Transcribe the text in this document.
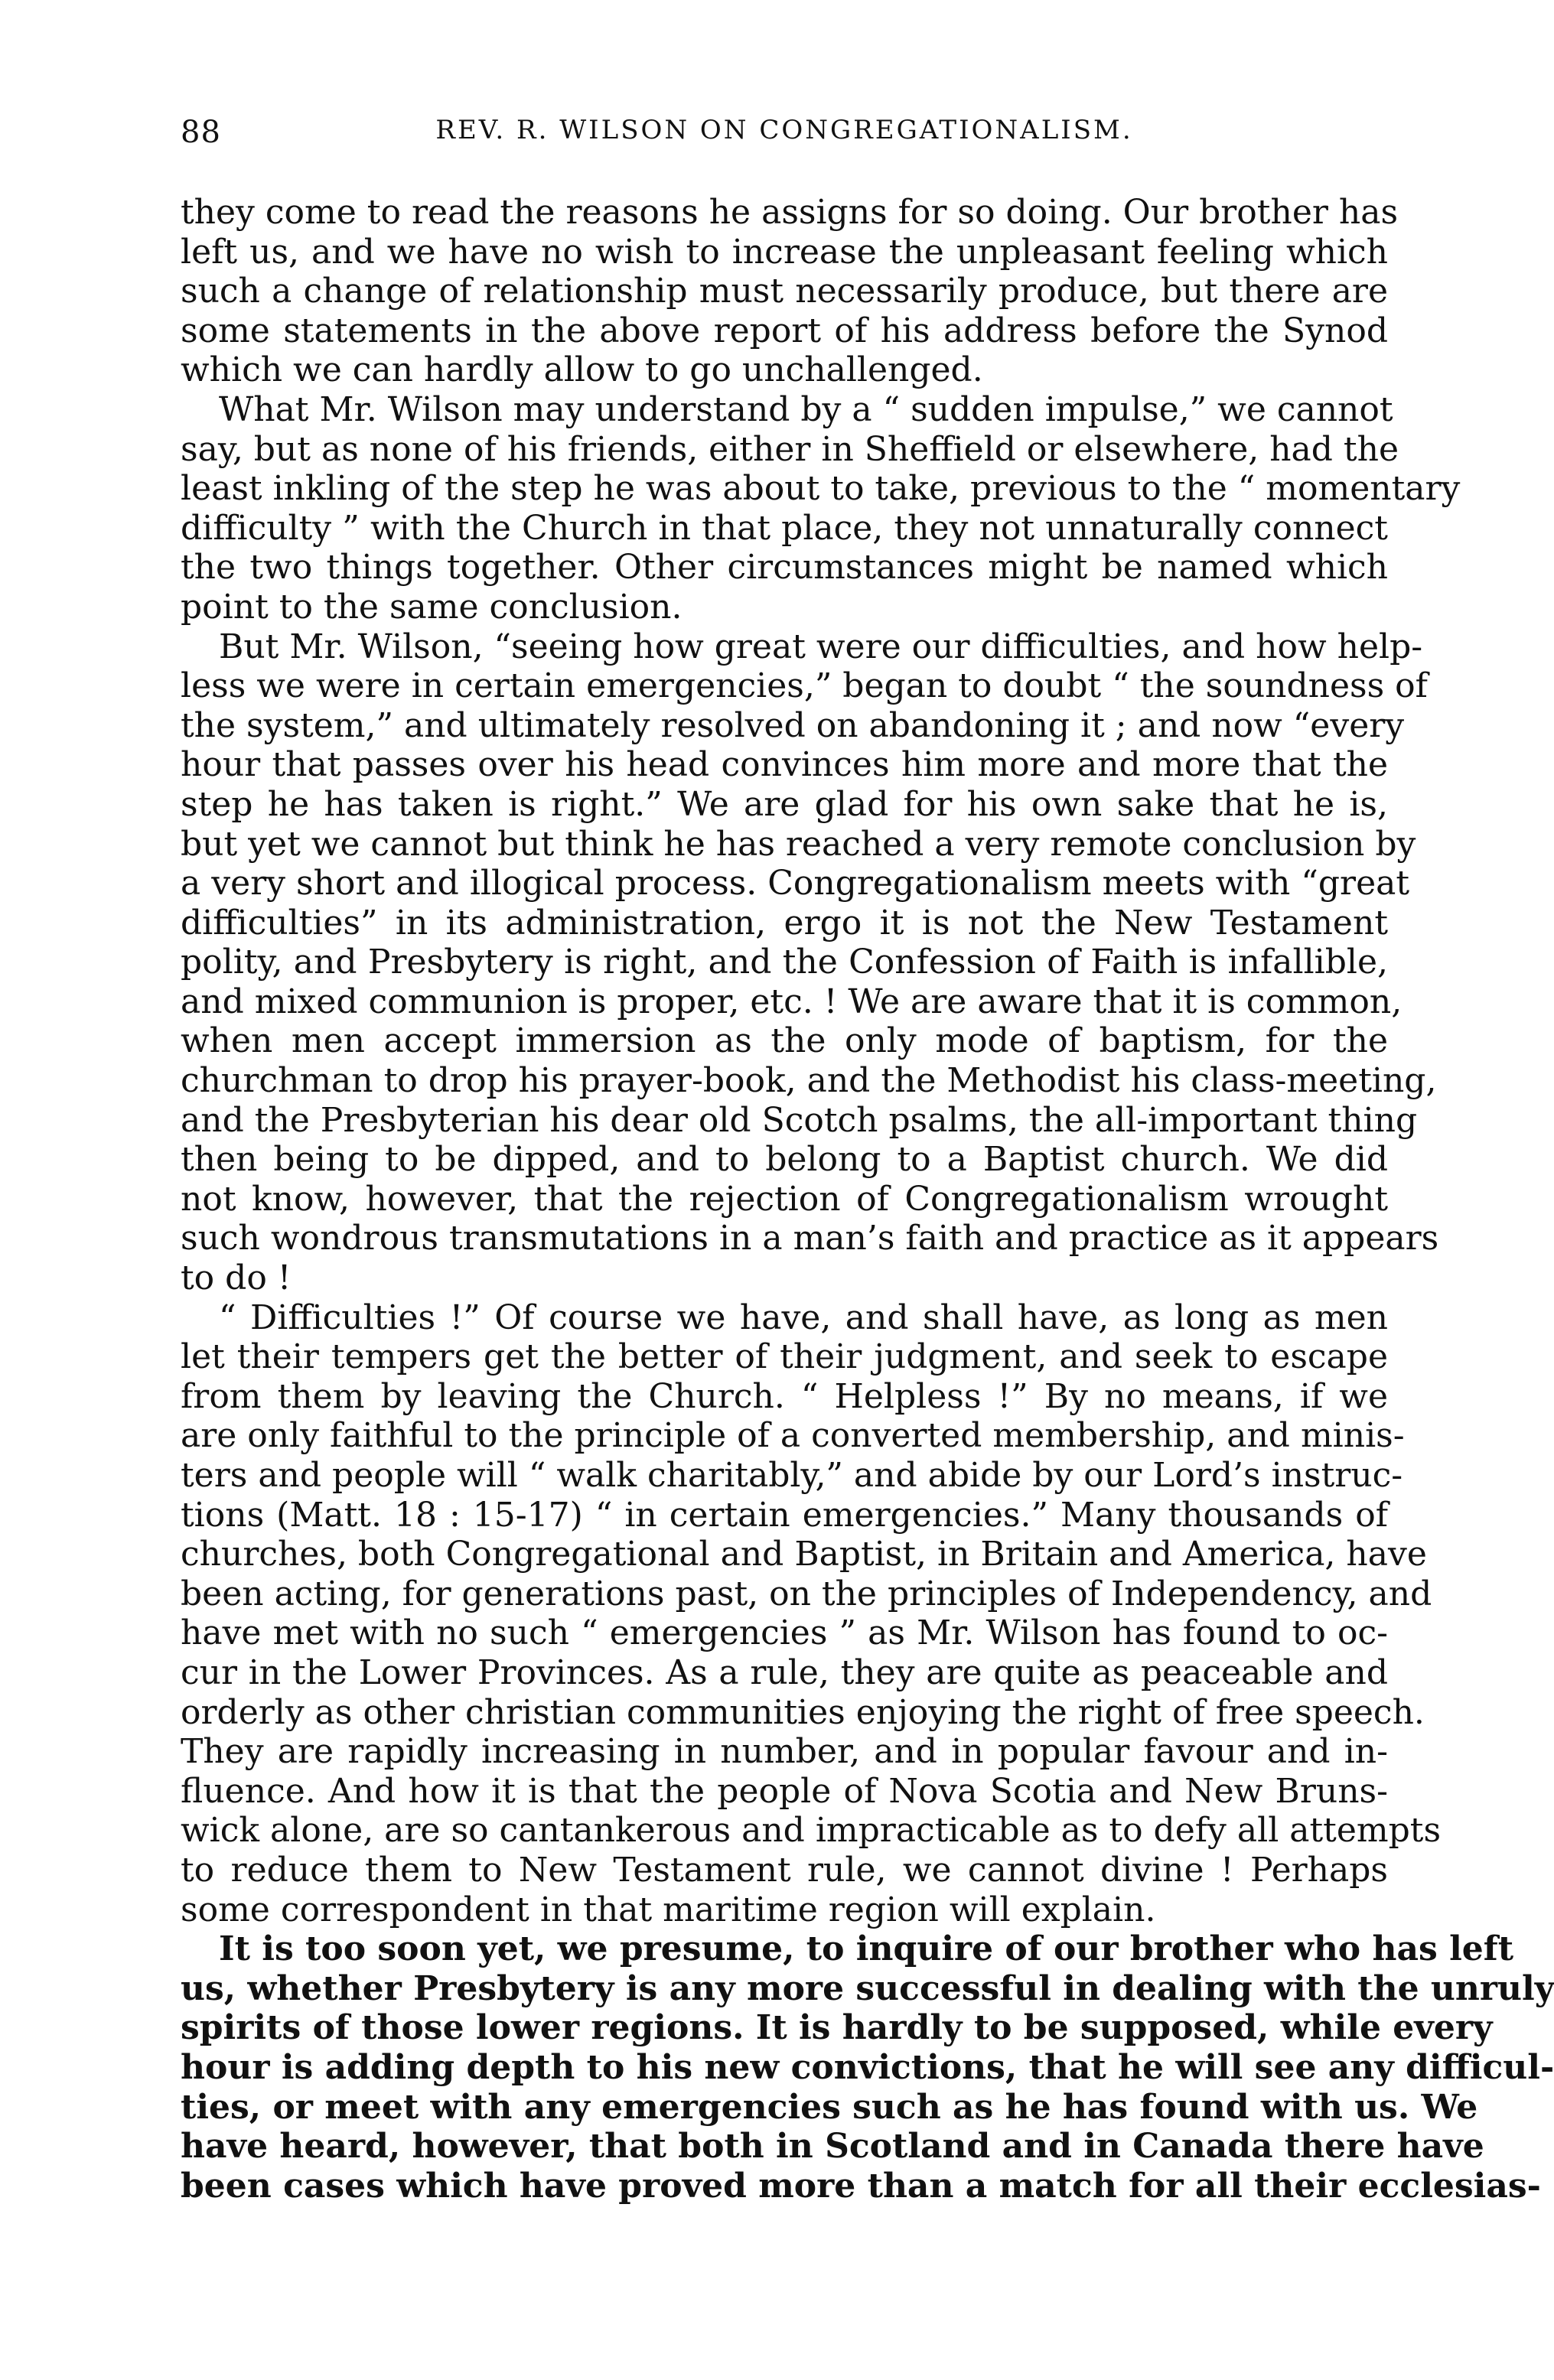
88	REV. R. WILSON ON CONGREGATIONALISM.
they come to read the reasons he assigns for so doing. Our brother has
left us, and we have no wish to increase the unpleasant feeling which
such a change of relationship must necessarily produce, but there are
some statements in the above report of his address before the Synod
which we can hardly allow to go unchallenged.
What Mr. Wilson may understand by a “ sudden impulse,” we cannot
say, but as none of his friends, either in Sheffield or elsewhere, had the
least inkling of the step he was about to take, previous to the “ momentary
difficulty ” with the Church in that place, they not unnaturally connect
the two things together. Other circumstances might be named which
point to the same conclusion.
But Mr. Wilson, “seeing how great were our difficulties, and how help-
less we were in certain emergencies,” began to doubt “ the soundness of
the system,” and ultimately resolved on abandoning it ; and now “every
hour that passes over his head convinces him more and more that the
step he has taken is right.” We are glad for his own sake that he is,
but yet we cannot but think he has reached a very remote conclusion by
a very short and illogical process. Congregationalism meets with “great
difficulties” in its administration, ergo it is not the New Testament
polity, and Presbytery is right, and the Confession of Faith is infallible,
and mixed communion is proper, etc. ! We are aware that it is common,
when men accept immersion as the only mode of baptism, for the
churchman to drop his prayer-book, and the Methodist his class-meeting,
and the Presbyterian his dear old Scotch psalms, the all-important thing
then being to be dipped, and to belong to a Baptist church. We did
not know, however, that the rejection of Congregationalism wrought
such wondrous transmutations in a man’s faith and practice as it appears
to do !
“ Difficulties !” Of course we have, and shall have, as long as men
let their tempers get the better of their judgment, and seek to escape
from them by leaving the Church. “ Helpless !” By no means, if we
are only faithful to the principle of a converted membership, and minis-
ters and people will “ walk charitably,” and abide by our Lord’s instruc-
tions (Matt. 18 : 15-17) “ in certain emergencies.” Many thousands of
churches, both Congregational and Baptist, in Britain and America, have
been acting, for generations past, on the principles of Independency, and
have met with no such “ emergencies ” as Mr. Wilson has found to oc-
cur in the Lower Provinces. As a rule, they are quite as peaceable and
orderly as other christian communities enjoying the right of free speech.
They are rapidly increasing in number, and in popular favour and in-
fluence. And how it is that the people of Nova Scotia and New Bruns-
wick alone, are so cantankerous and impracticable as to defy all attempts
to reduce them to New Testament rule, we cannot divine ! Perhaps
some correspondent in that maritime region will explain.
It is too soon yet, we presume, to inquire of our brother who has left
us, whether Presbytery is any more successful in dealing with the unruly
spirits of those lower regions. It is hardly to be supposed, while every
hour is adding depth to his new convictions, that he will see any difficul-
ties, or meet with any emergencies such as he has found with us. We
have heard, however, that both in Scotland and in Canada there have
been cases which have proved more than a match for all their ecclesias-
